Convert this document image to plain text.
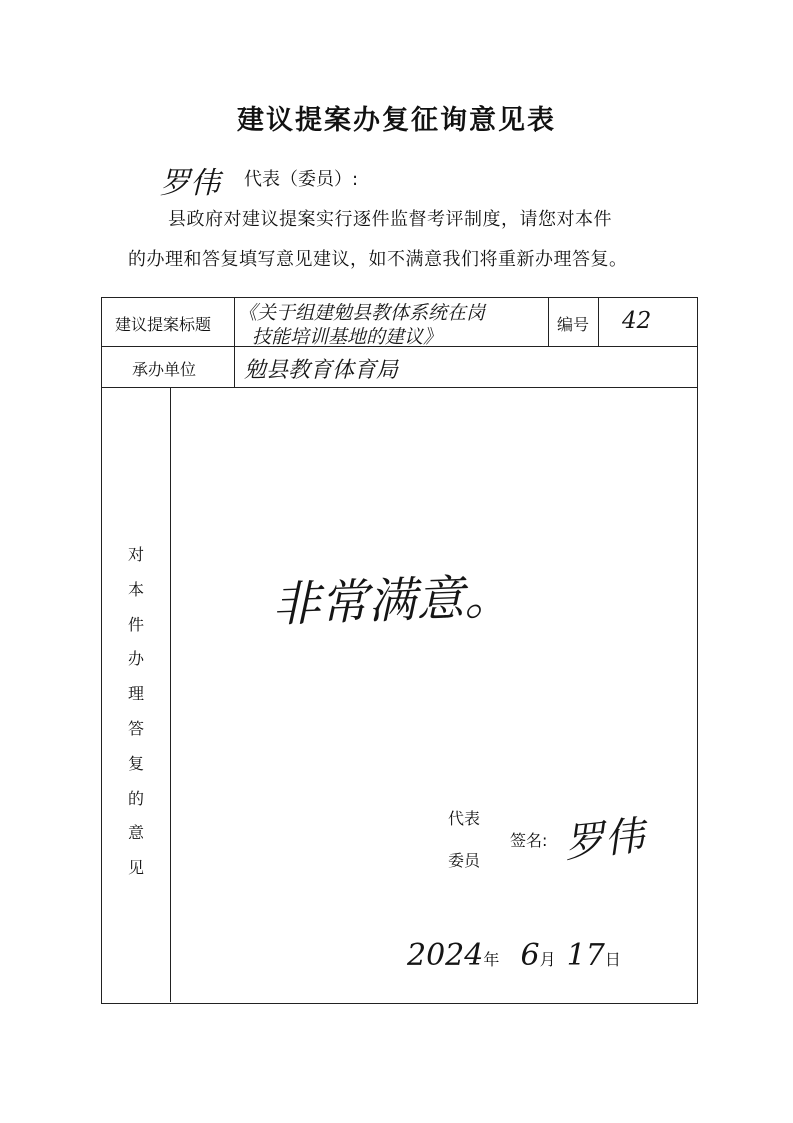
建议提案办复征询意见表
罗伟 代表（委员）:
县政府对建议提案实行逐件监督考评制度，请您对本件
的办理和答复填写意见建议，如不满意我们将重新办理答复。
建议提案标题
《关于组建勉县教体系统在岗
技能培训基地的建议》
编号 42
承办单位 勉县教育体育局
对
本
件
办
理
答
复
的
意
见
非常满意。
代表
委员
签名: 罗伟
2024年 6月 17日
